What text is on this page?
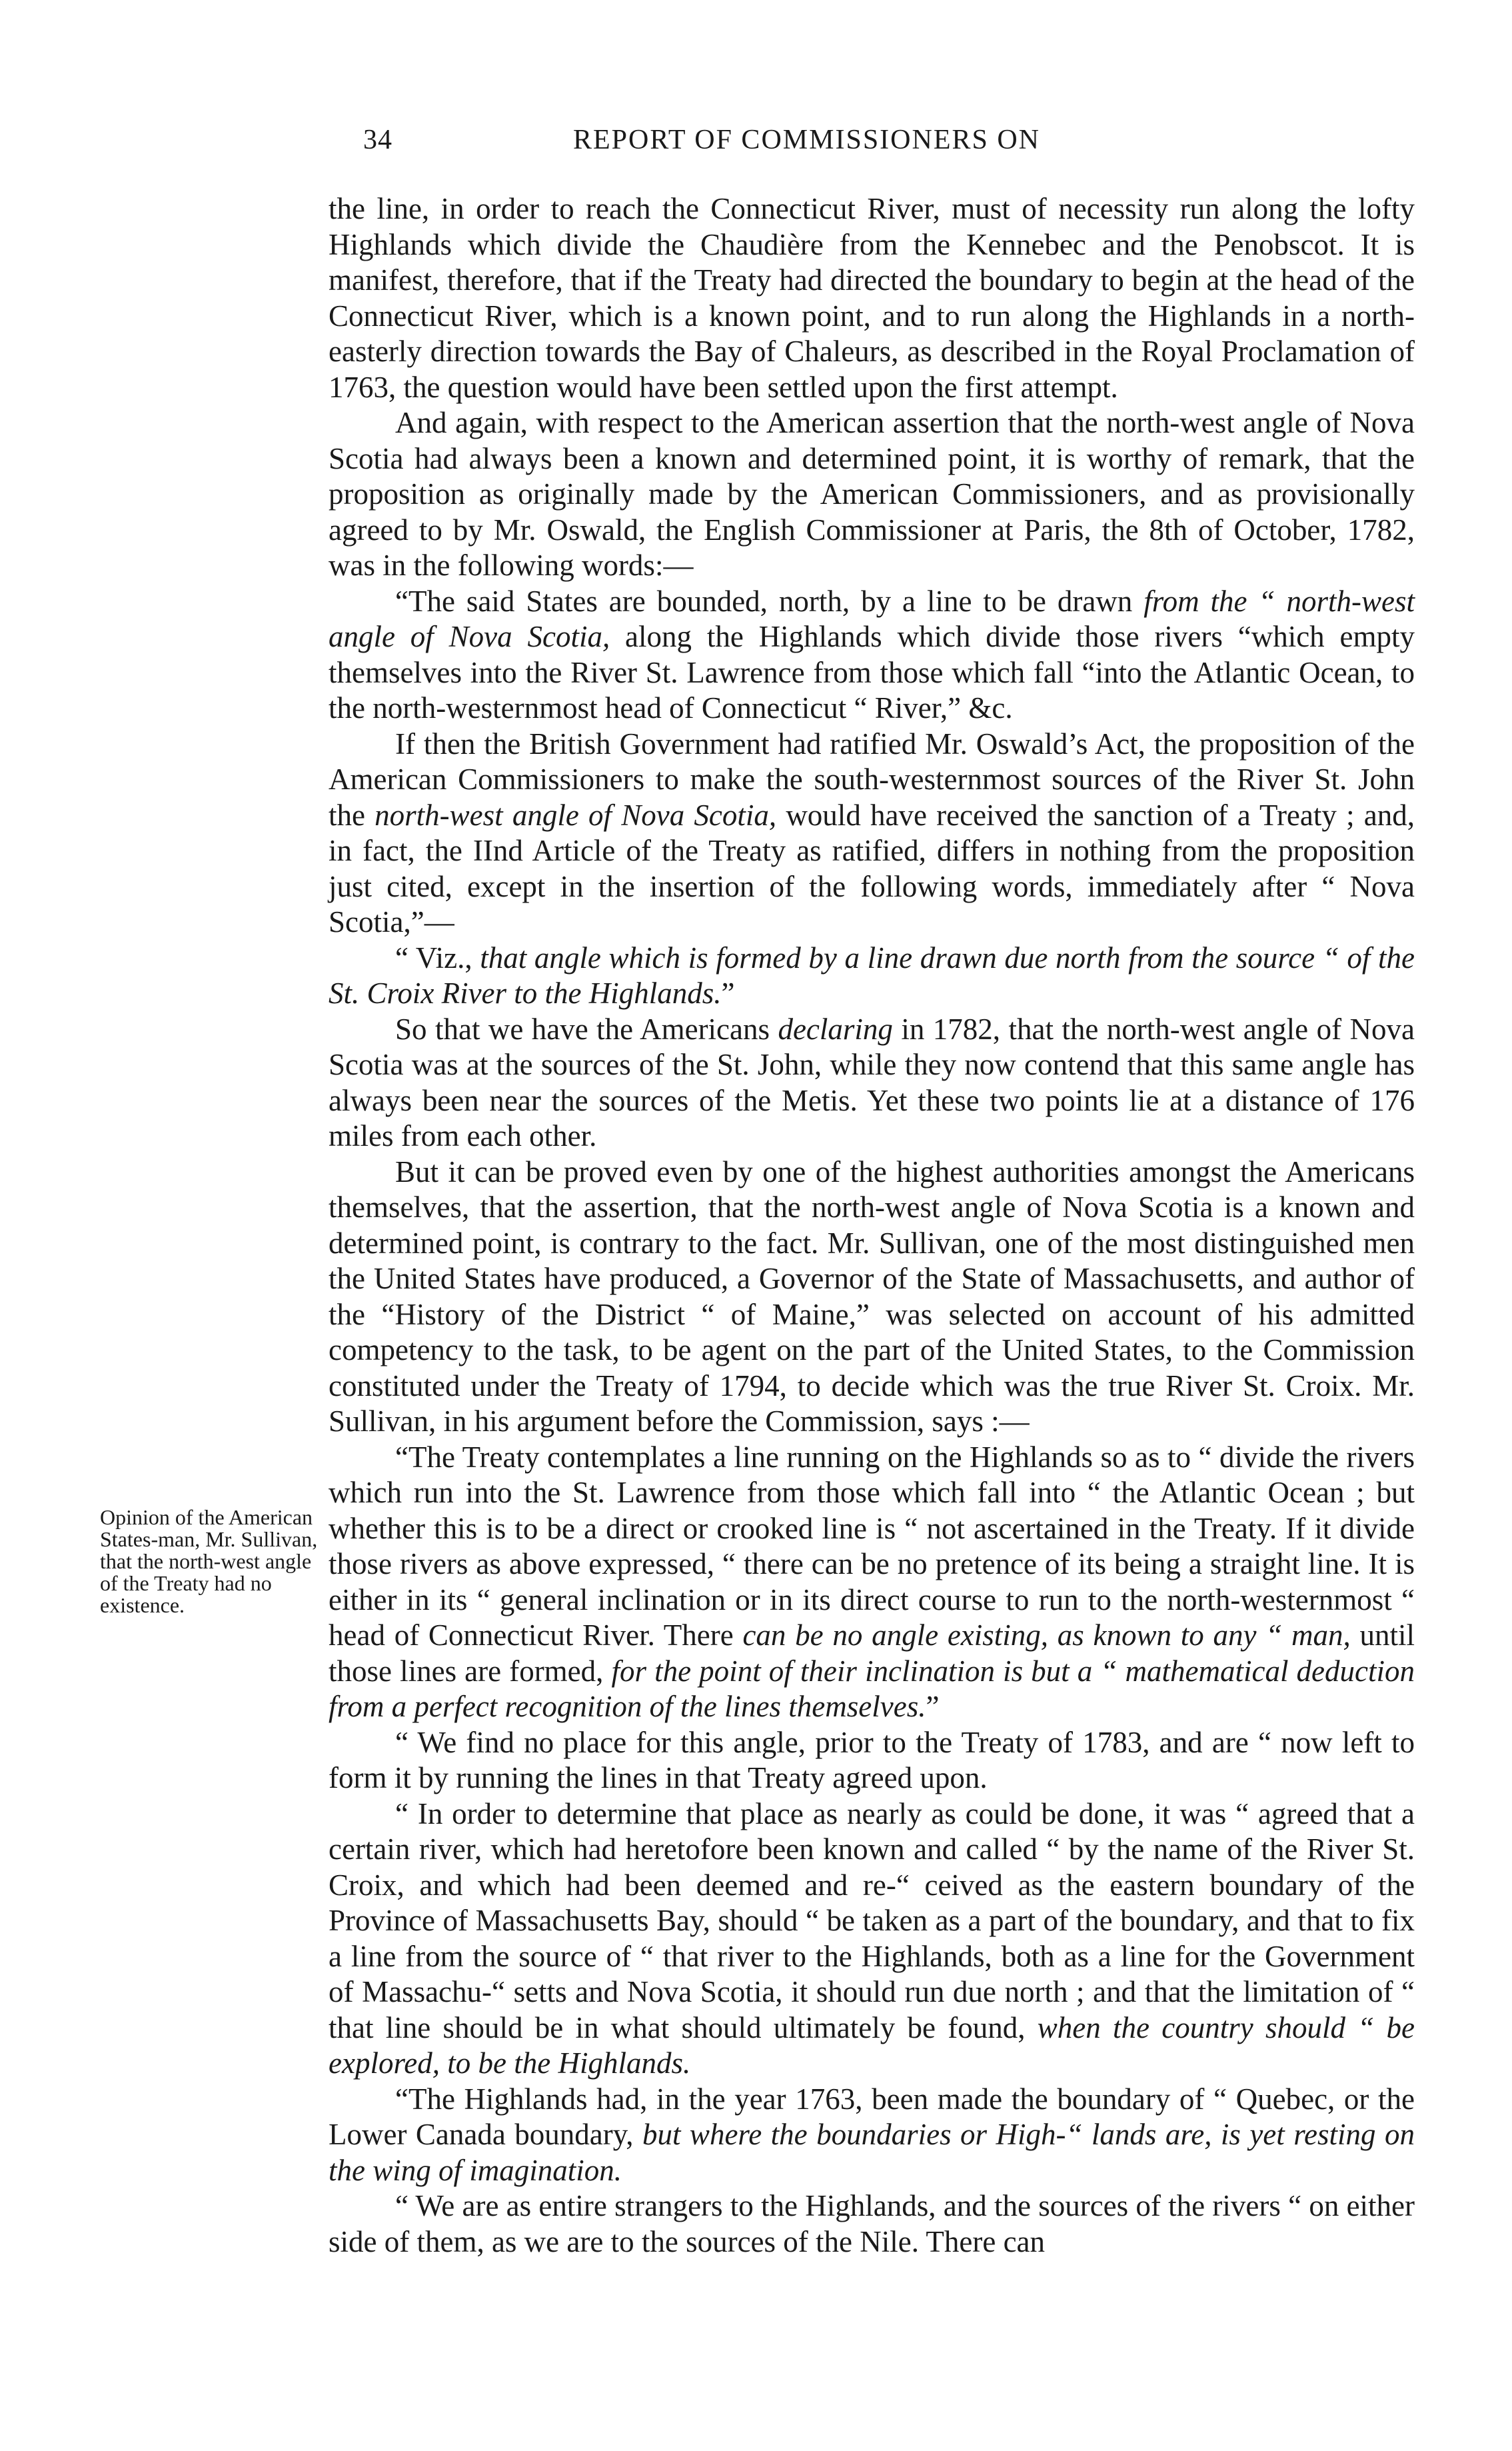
34	REPORT OF COMMISSIONERS ON
Opinion of the American States-man, Mr. Sullivan, that the north-west angle of the Treaty had no existence.

the line, in order to reach the Connecticut River, must of necessity run along the lofty Highlands which divide the Chaudière from the Kennebec and the Penobscot. It is manifest, therefore, that if the Treaty had directed the boundary to begin at the head of the Connecticut River, which is a known point, and to run along the Highlands in a north-easterly direction towards the Bay of Chaleurs, as described in the Royal Proclamation of 1763, the question would have been settled upon the first attempt.

And again, with respect to the American assertion that the north-west angle of Nova Scotia had always been a known and determined point, it is worthy of remark, that the proposition as originally made by the American Commissioners, and as provisionally agreed to by Mr. Oswald, the English Commissioner at Paris, the 8th of October, 1782, was in the following words:—

“The said States are bounded, north, by a line to be drawn from the “ north-west angle of Nova Scotia, along the Highlands which divide those rivers “which empty themselves into the River St. Lawrence from those which fall “into the Atlantic Ocean, to the north-westernmost head of Connecticut “ River,” &c.

If then the British Government had ratified Mr. Oswald’s Act, the proposition of the American Commissioners to make the south-westernmost sources of the River St. John the north-west angle of Nova Scotia, would have received the sanction of a Treaty ; and, in fact, the IInd Article of the Treaty as ratified, differs in nothing from the proposition just cited, except in the insertion of the following words, immediately after “ Nova Scotia,”—

“ Viz., that angle which is formed by a line drawn due north from the source “ of the St. Croix River to the Highlands.”

So that we have the Americans declaring in 1782, that the north-west angle of Nova Scotia was at the sources of the St. John, while they now contend that this same angle has always been near the sources of the Metis. Yet these two points lie at a distance of 176 miles from each other.

But it can be proved even by one of the highest authorities amongst the Americans themselves, that the assertion, that the north-west angle of Nova Scotia is a known and determined point, is contrary to the fact. Mr. Sullivan, one of the most distinguished men the United States have produced, a Governor of the State of Massachusetts, and author of the “History of the District “ of Maine,” was selected on account of his admitted competency to the task, to be agent on the part of the United States, to the Commission constituted under the Treaty of 1794, to decide which was the true River St. Croix. Mr. Sullivan, in his argument before the Commission, says :—

“The Treaty contemplates a line running on the Highlands so as to “ divide the rivers which run into the St. Lawrence from those which fall into “ the Atlantic Ocean ; but whether this is to be a direct or crooked line is “ not ascertained in the Treaty. If it divide those rivers as above expressed, “ there can be no pretence of its being a straight line. It is either in its “ general inclination or in its direct course to run to the north-westernmost “ head of Connecticut River. There can be no angle existing, as known to any “ man, until those lines are formed, for the point of their inclination is but a “ mathematical deduction from a perfect recognition of the lines themselves.”

“ We find no place for this angle, prior to the Treaty of 1783, and are “ now left to form it by running the lines in that Treaty agreed upon.

“ In order to determine that place as nearly as could be done, it was “ agreed that a certain river, which had heretofore been known and called “ by the name of the River St. Croix, and which had been deemed and re-“ ceived as the eastern boundary of the Province of Massachusetts Bay, should “ be taken as a part of the boundary, and that to fix a line from the source of “ that river to the Highlands, both as a line for the Government of Massachu-“ setts and Nova Scotia, it should run due north ; and that the limitation of “ that line should be in what should ultimately be found, when the country should “ be explored, to be the Highlands.

“The Highlands had, in the year 1763, been made the boundary of “ Quebec, or the Lower Canada boundary, but where the boundaries or High-“ lands are, is yet resting on the wing of imagination.

“ We are as entire strangers to the Highlands, and the sources of the rivers “ on either side of them, as we are to the sources of the Nile. There can
